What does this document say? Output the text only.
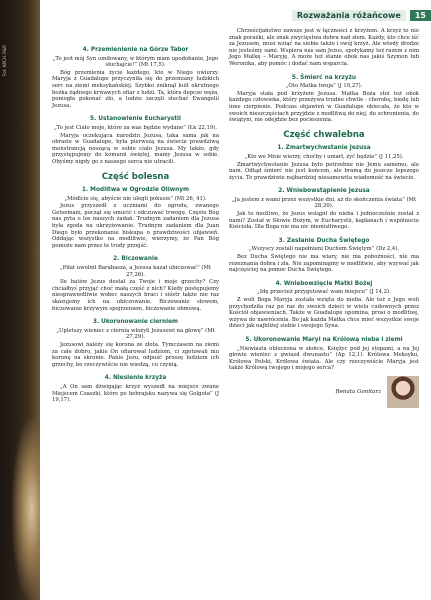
Fot. ARCH. R&R
Rozważania różańcowe	15
4. Przemienienie na Górze Tabor

„To jest mój Syn umiłowany, w którym mam upodobanie, Jego słuchajcie!” (Mt 17,5).

Bóg przemienia życie każdego, kto w Niego uwierzy. Maryja z Guadalupe przyczyniła się do przemiany ludzkich serc na ziemi meksykańskiej. Szybko zniknął kult okrutnego bożka żądnego krwawych ofiar z ludzi. Ta, która depcze węża, pomogła pokonać zło, a ludzie zaczęli słuchać Ewangelii Jezusa.

5. Ustanowienie Eucharystii

„To jest Ciało moje, które za was będzie wydane” (Łk 22,19).

Maryja oczekująca narodzin Jezusa, taka sama jak na obrazie w Guadalupe, była pierwszą na świecie prawdziwą monstrancją noszącą w sobie ciało Jezusa. My także, gdy przystępujemy do komunii świętej, mamy Jezusa w sobie. Obyśmy nigdy go z naszego serca nie utracili.

Część bolesna
1. Modlitwa w Ogrodzie Oliwnym

„Módlcie się, abyście nie ulegli pokusie” (Mt 26, 41).

Jezus przyszedł z uczniami do ogrodu, zwanego Getsemani, począł się smucić i odczuwać trwogę. Często Bóg nas pyta o los naszych zadań. Trudnym zadaniem dla Jezusa była zgoda na ukrzyżowanie. Trudnym zadaniem dla Juan Diego było przekonanie biskupa o prawdziwości objawień. Oddając wszystko na modlitwie, wierzymy, że Pan Bóg pomoże nam przez te trudy przejść.

2. Biczowanie

„Piłat uwolnił Barabasza, a Jezusa kazał ubiczować” (Mt 27,26).

Ile batów Jezus dostał za Twoje i moje grzechy? Czy chciałbyś przyjąć choć małą część z nich? Kiedy postępujemy niesprawiedliwie wobec naszych braci i sióstr także nie raz skazujemy ich na ubiczowanie. Biczowanie słowem, biczowanie krzywym spojrzeniem, biczowanie obmową.

3. Ukoronowanie cierniem

„Upletszy wieniec z ciernia włożyli Jezusowi na głowę” (Mt 27,29).

Jezusowi należy się korona ze złota. Tymczasem na ziemi za całe dobro, jakie On ofiarował ludziom, ci zgotowali mu koronę na skronie. Panie Jezu, odpuść proszę ludziom ich grzechy, bo rzeczywiście nie wiedzą, co czynią.

4. Niesienie krzyża

„A On sam dźwigając krzyż wyszedł na miejsce zwane Miejscem Czaszki, które po hebrajsku nazywa się Golgota” (J 19,17).

Chrześcijaństwo zawsze jest w łączności z krzyżem. A krzyż to nie znak porażki, ale znak zwycięstwa dobra nad złem. Każdy, kto chce iść za Jezusem, musi wziąć na siebie także i swój krzyż. Ale wtedy drodze nie jesteśmy sami. Wspiera nas sam Jezus, spotykamy też razem z nim Jego Matkę – Maryję. A może też stanie obok nas jakiś Szymon lub Weronika, aby pomóc i dodać nam wsparcia.

5. Śmierć na krzyżu

„Oto Matka twoja” (J 19,27).

Maryja stała pod krzyżem Jezusa. Matka Boża stoi też obok każdego człowieka, który przeżywa trudne chwile - chorobę, biedę lub inne cierpienie. Podczas objawień w Guadalupe obiecała, że kto w swoich nieszczęściach przyjdzie z modlitwą do niej, do schronienia, do świątyni, nie odejdzie bez pocieszenia.

Część chwalebna
1. Zmartwychwstanie Jezusa

„Kto we Mnie wierzy, choćby i umarł, żyć będzie” (J 11,25).

Zmartwychwstanie Jezusa było potrzebne nie Jemu samemu, ale nam. Odtąd śmierć nie jest końcem, ale bramą do jeszcze lepszego życia. To prawdziwie najbardziej niesamowita wiadomość na świecie.

2. Wniebowstąpienie Jezusa

„Ja jestem z wami przez wszystkie dni, aż do skończenia świata” (Mt 28,20).

Jak to możliwe, że Jezus wstąpił do nieba i jednocześnie został z nami? Został w Słowie Bożym, w Eucharystii, kapłanach i wspólnocie Kościoła. Dla Boga nie ma nic niemożliwego.

3. Zesłanie Ducha Świętego

„Wszyscy zostali napełnieni Duchem Świętym” (Dz 2,4).

Bez Ducha Świętego nie ma wiary, nie ma pobożności, nie ma rozeznania dobra i zła. Nie zapominajmy w modlitwie, aby wzywać jak najczęściej na pomoc Ducha Świętego.

4. Wniebowzięcie Matki Bożej

„Idę przecież przygotować wam miejsce” (J 14,2).

Z woli Boga Maryja została wzięta do nieba. Ale też z Jego woli przychodziła raz po raz do swoich dzieci w wielu cudownych przez Kościół objawieniach. Także w Guadalupe upomina, prosi o modlitwę, wzywa do nawrócenia. Bo jak każda Matka chce mieć wszystkie swoje dzieci jak najbliżej siebie i swojego Syna.

5. Ukoronowanie Maryi na Królową nieba i ziemi

„Niewiasta obleczona w słońce, Księżyc pod jej stopami, a na Jej głowie wieniec z gwiazd dwunastu” (Ap 12,1). Królowa Meksyku, Królowa Polski, Królowa świata. Ale czy rzeczywiście Maryja jest także Królową twojego i mojego serca?

Renata Gonitarz
